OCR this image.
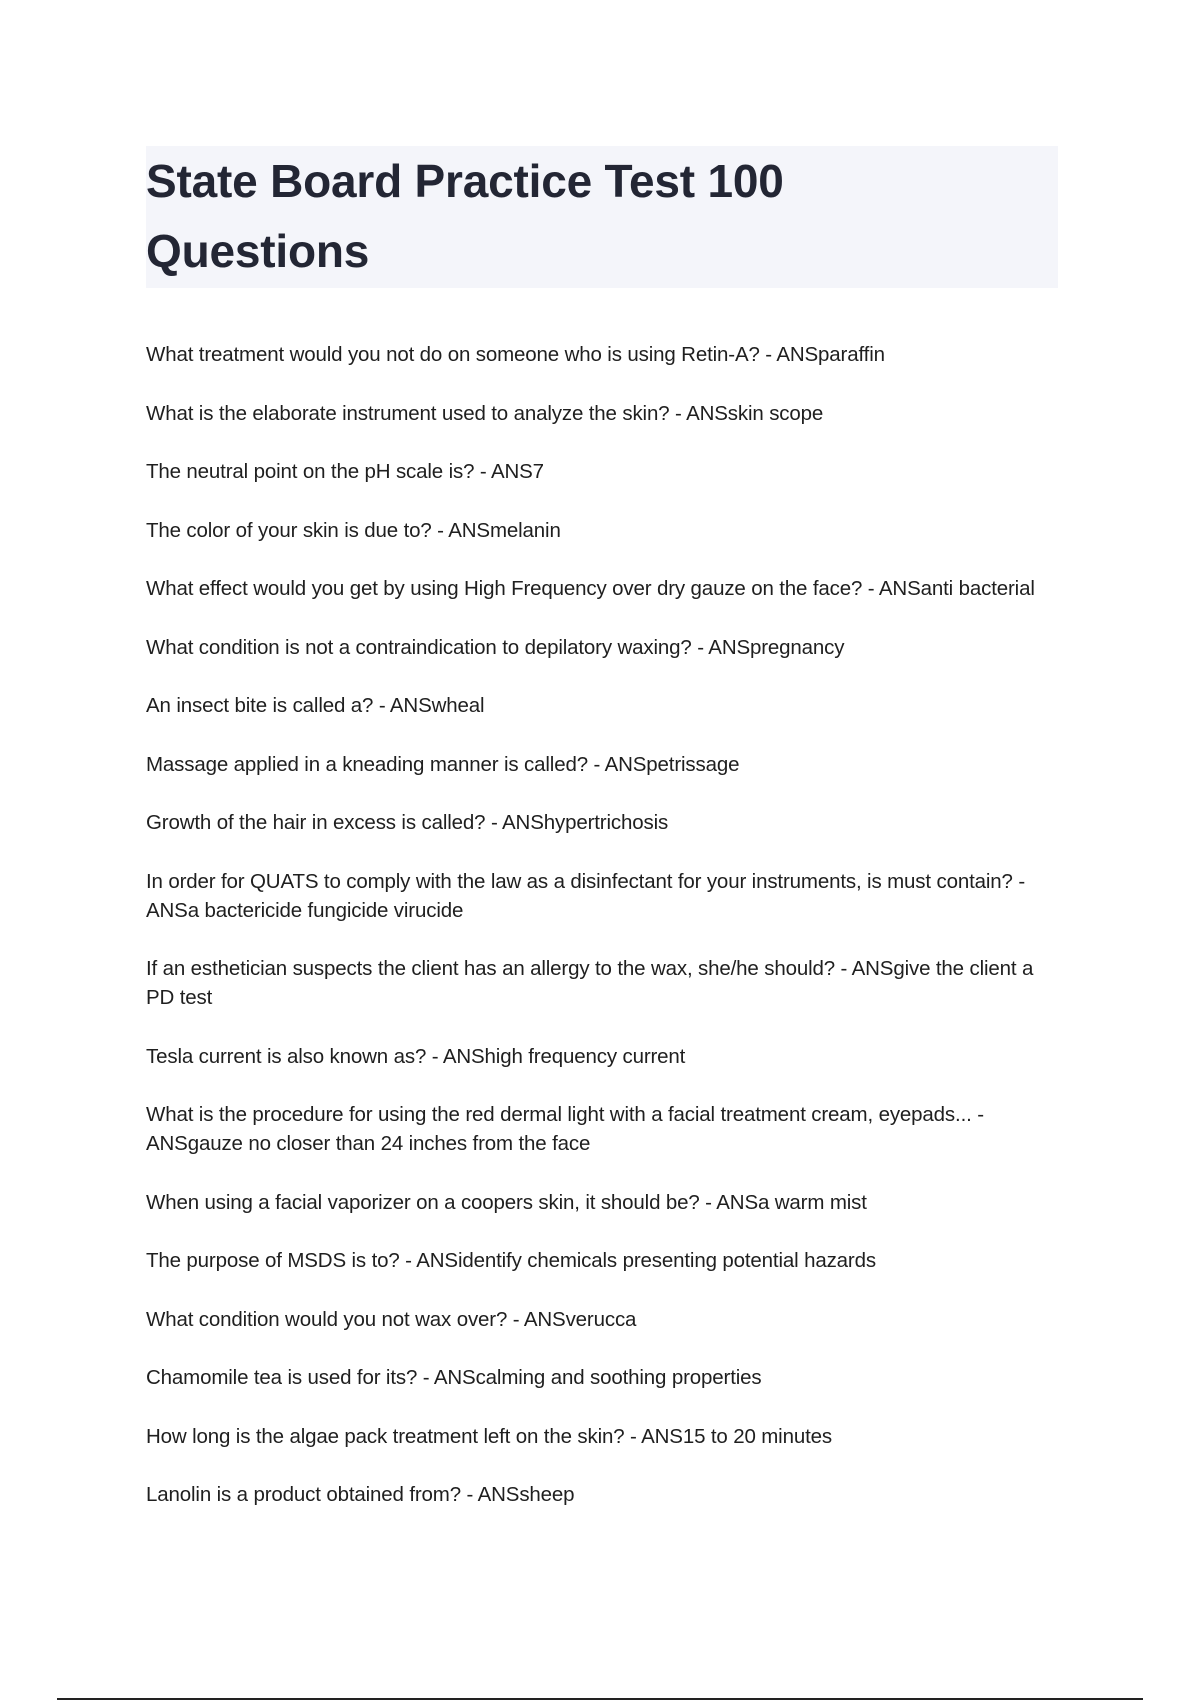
State Board Practice Test 100
Questions
What treatment would you not do on someone who is using Retin-A? - ANSparaffin
What is the elaborate instrument used to analyze the skin? - ANSskin scope
The neutral point on the pH scale is? - ANS7
The color of your skin is due to? - ANSmelanin
What effect would you get by using High Frequency over dry gauze on the face? - ANSanti bacterial
What condition is not a contraindication to depilatory waxing? - ANSpregnancy
An insect bite is called a? - ANSwheal
Massage applied in a kneading manner is called? - ANSpetrissage
Growth of the hair in excess is called? - ANShypertrichosis
In order for QUATS to comply with the law as a disinfectant for your instruments, is must contain? - ANSa bactericide fungicide virucide
If an esthetician suspects the client has an allergy to the wax, she/he should? - ANSgive the client a PD test
Tesla current is also known as? - ANShigh frequency current
What is the procedure for using the red dermal light with a facial treatment cream, eyepads... - ANSgauze no closer than 24 inches from the face
When using a facial vaporizer on a coopers skin, it should be? - ANSa warm mist
The purpose of MSDS is to? - ANSidentify chemicals presenting potential hazards
What condition would you not wax over? - ANSverucca
Chamomile tea is used for its? - ANScalming and soothing properties
How long is the algae pack treatment left on the skin? - ANS15 to 20 minutes
Lanolin is a product obtained from? - ANSsheep
